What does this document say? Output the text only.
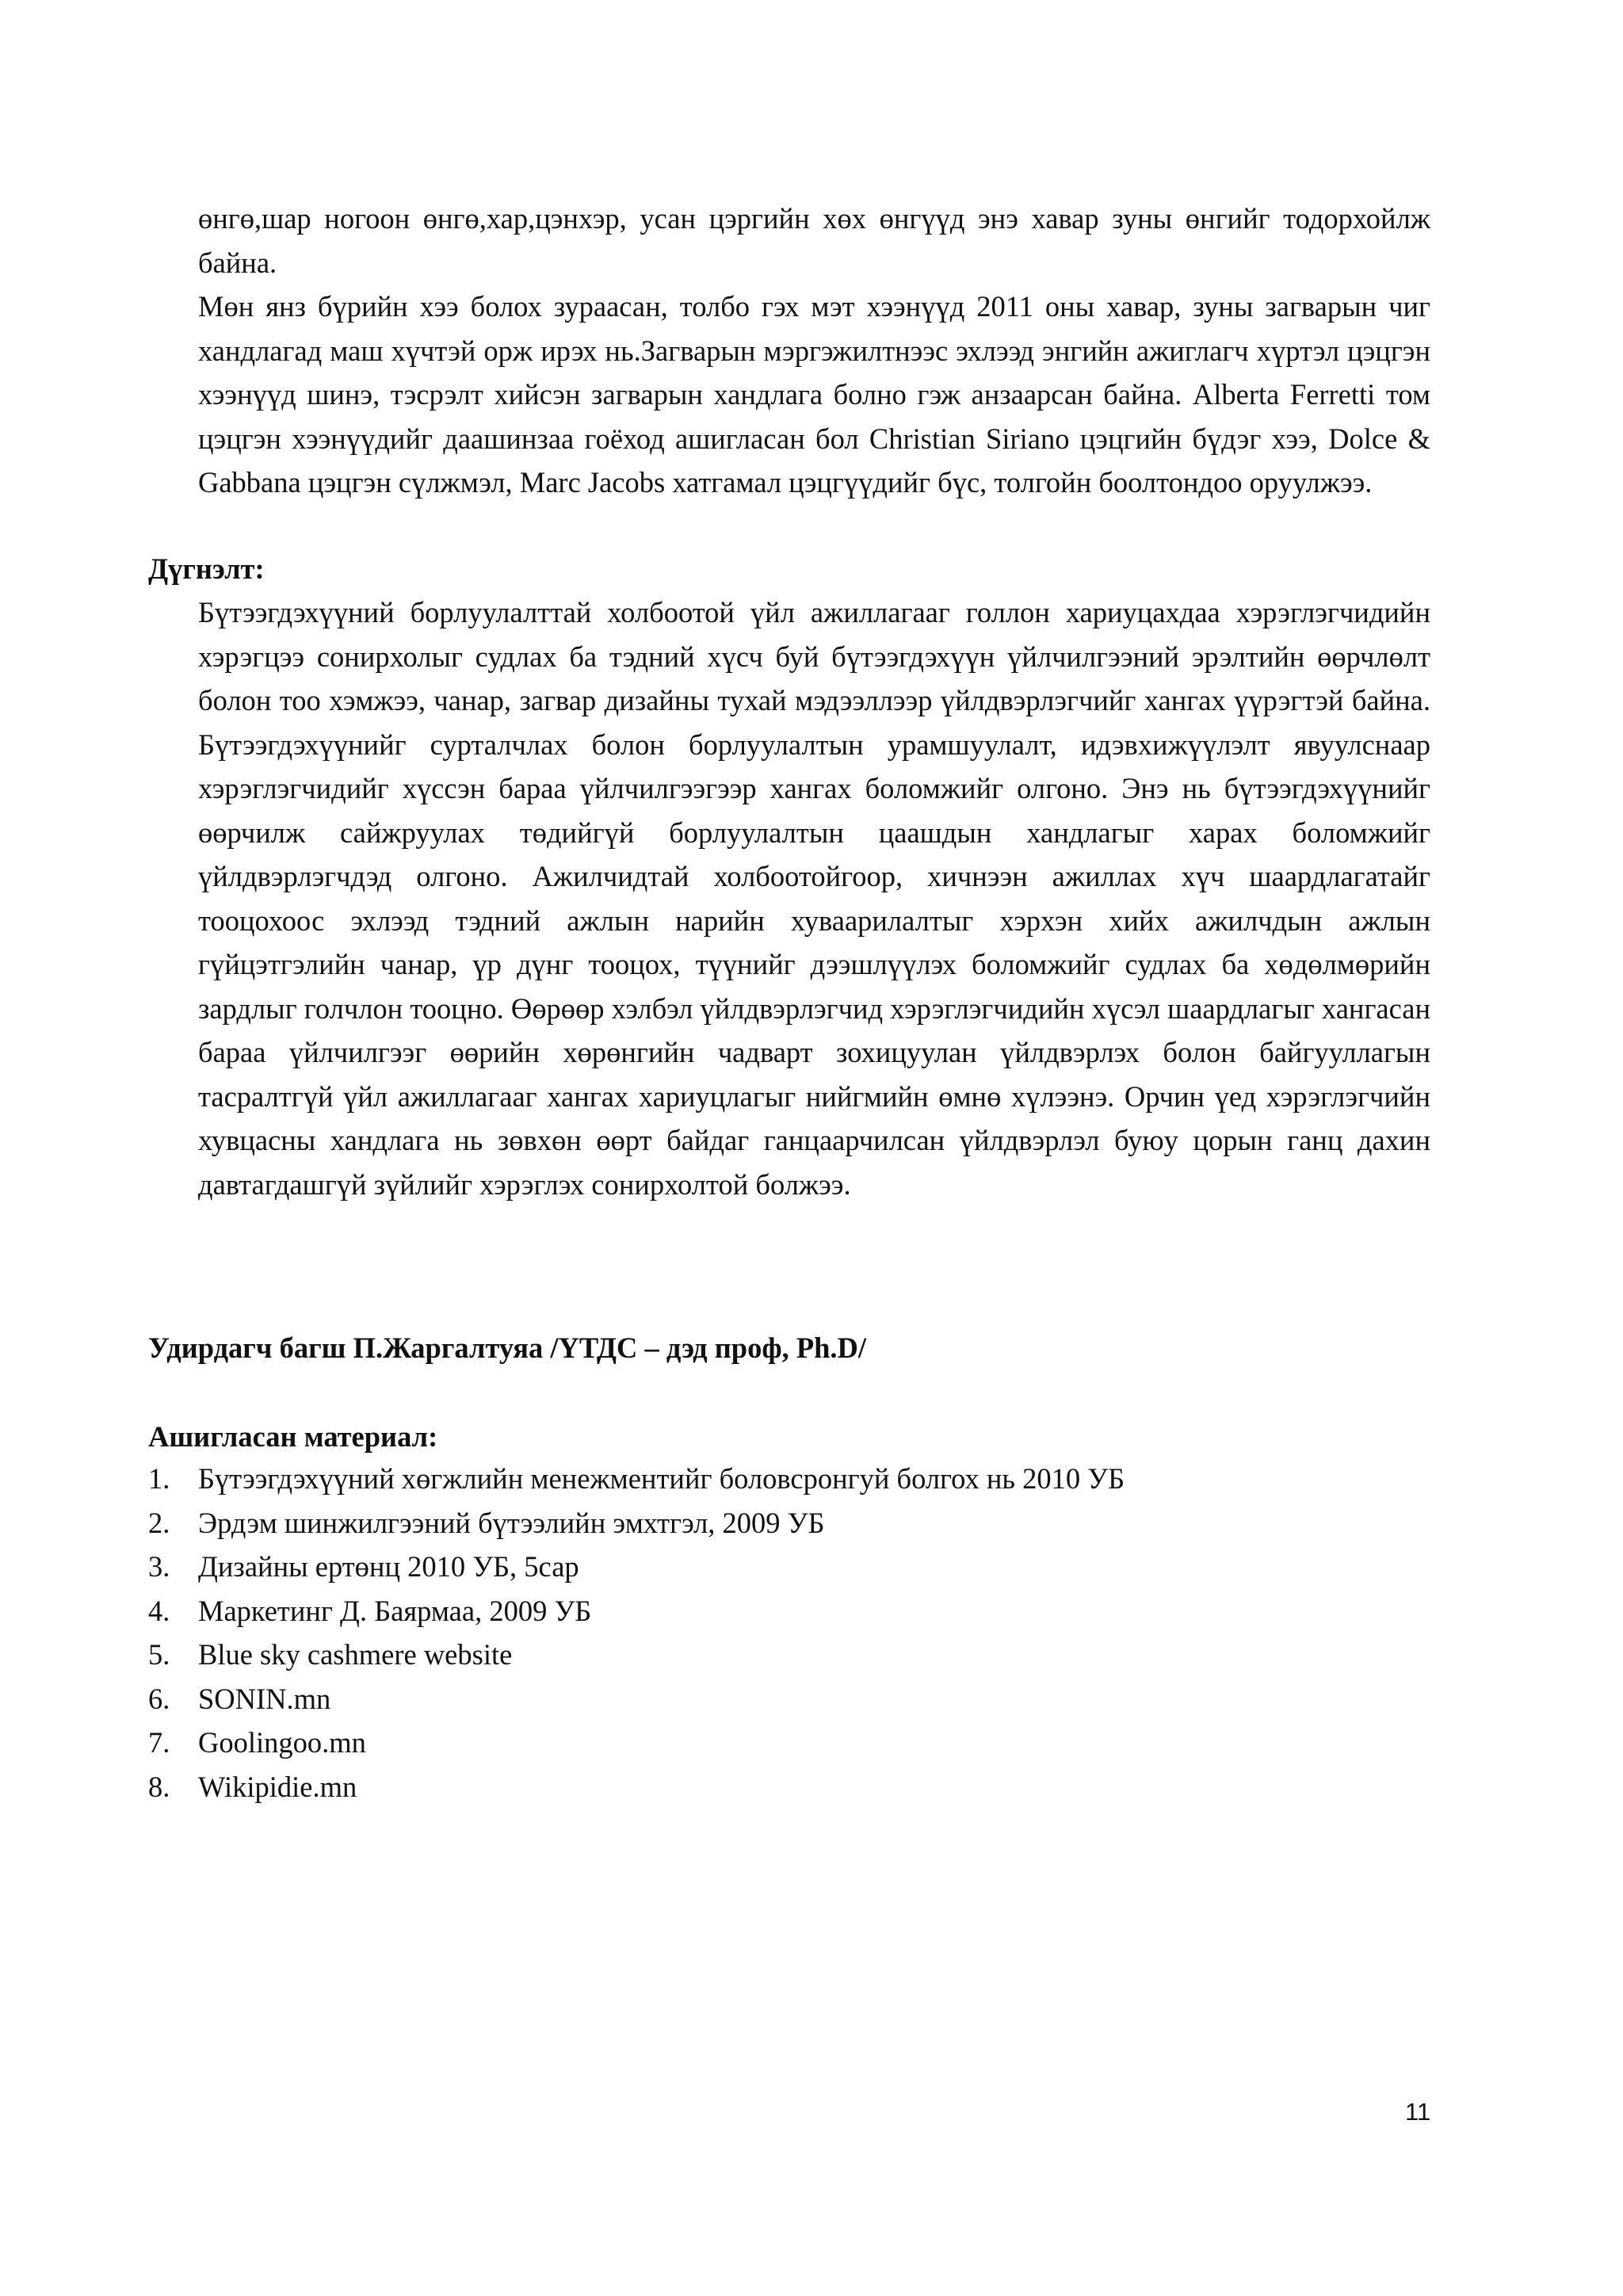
өнгө,шар ногоон өнгө,хар,цэнхэр, усан цэргийн хөх өнгүүд энэ хавар зуны өнгийг тодорхойлж байна.

Мөн янз бүрийн хээ болох зураасан, толбо гэх мэт хээнүүд 2011 оны хавар, зуны загварын чиг хандлагад маш хүчтэй орж ирэх нь.Загварын мэргэжилтнээс эхлээд энгийн ажиглагч хүртэл цэцгэн хээнүүд шинэ, тэсрэлт хийсэн загварын хандлага болно гэж анзаарсан байна. Alberta Ferretti том цэцгэн хээнүүдийг даашинзаа гоёход ашигласан бол Christian Siriano цэцгийн бүдэг хээ, Dolce & Gabbana цэцгэн сүлжмэл, Marc Jacobs хатгамал цэцгүүдийг бүс, толгойн боолтондоо оруулжээ.

Дүгнэлт:

Бүтээгдэхүүний борлуулалттай холбоотой үйл ажиллагааг голлон хариуцахдаа хэрэглэгчидийн хэрэгцээ сонирхолыг судлах ба тэдний хүсч буй бүтээгдэхүүн үйлчилгээний эрэлтийн өөрчлөлт болон тоо хэмжээ, чанар, загвар дизайны тухай мэдээллээр үйлдвэрлэгчийг хангах үүрэгтэй байна. Бүтээгдэхүүнийг сурталчлах болон борлуулалтын урамшуулалт, идэвхижүүлэлт явуулснаар хэрэглэгчидийг хүссэн бараа үйлчилгээгээр хангах боломжийг олгоно. Энэ нь бүтээгдэхүүнийг өөрчилж сайжруулах төдийгүй борлуулалтын цаашдын хандлагыг харах боломжийг үйлдвэрлэгчдэд олгоно. Ажилчидтай холбоотойгоор, хичнээн ажиллах хүч шаардлагатайг тооцохоос эхлээд тэдний ажлын нарийн хуваарилалтыг хэрхэн хийх ажилчдын ажлын гүйцэтгэлийн чанар, үр дүнг тооцох, түүнийг дээшлүүлэх боломжийг судлах ба хөдөлмөрийн зардлыг голчлон тооцно. Өөрөөр хэлбэл үйлдвэрлэгчид хэрэглэгчидийн хүсэл шаардлагыг хангасан бараа үйлчилгээг өөрийн хөрөнгийн чадварт зохицуулан үйлдвэрлэх болон байгууллагын тасралтгүй үйл ажиллагааг хангах хариуцлагыг нийгмийн өмнө хүлээнэ. Орчин үед хэрэглэгчийн хувцасны хандлага нь зөвхөн өөрт байдаг ганцаарчилсан үйлдвэрлэл буюу цорын ганц дахин давтагдашгүй зүйлийг хэрэглэх сонирхолтой болжээ.

Удирдагч багш П.Жаргалтуяа /ҮТДС – дэд проф, Ph.D/
Ашигласан материал:
1. Бүтээгдэхүүний хөгжлийн менежментийг боловсронгуй болгох нь 2010 УБ
2. Эрдэм шинжилгээний бүтээлийн эмхтгэл, 2009 УБ
3. Дизайны ертөнц 2010 УБ, 5сар
4. Маркетинг Д. Баярмаа, 2009 УБ
5. Blue sky cashmere website
6. SONIN.mn
7. Goolingoo.mn
8. Wikipidie.mn

11
